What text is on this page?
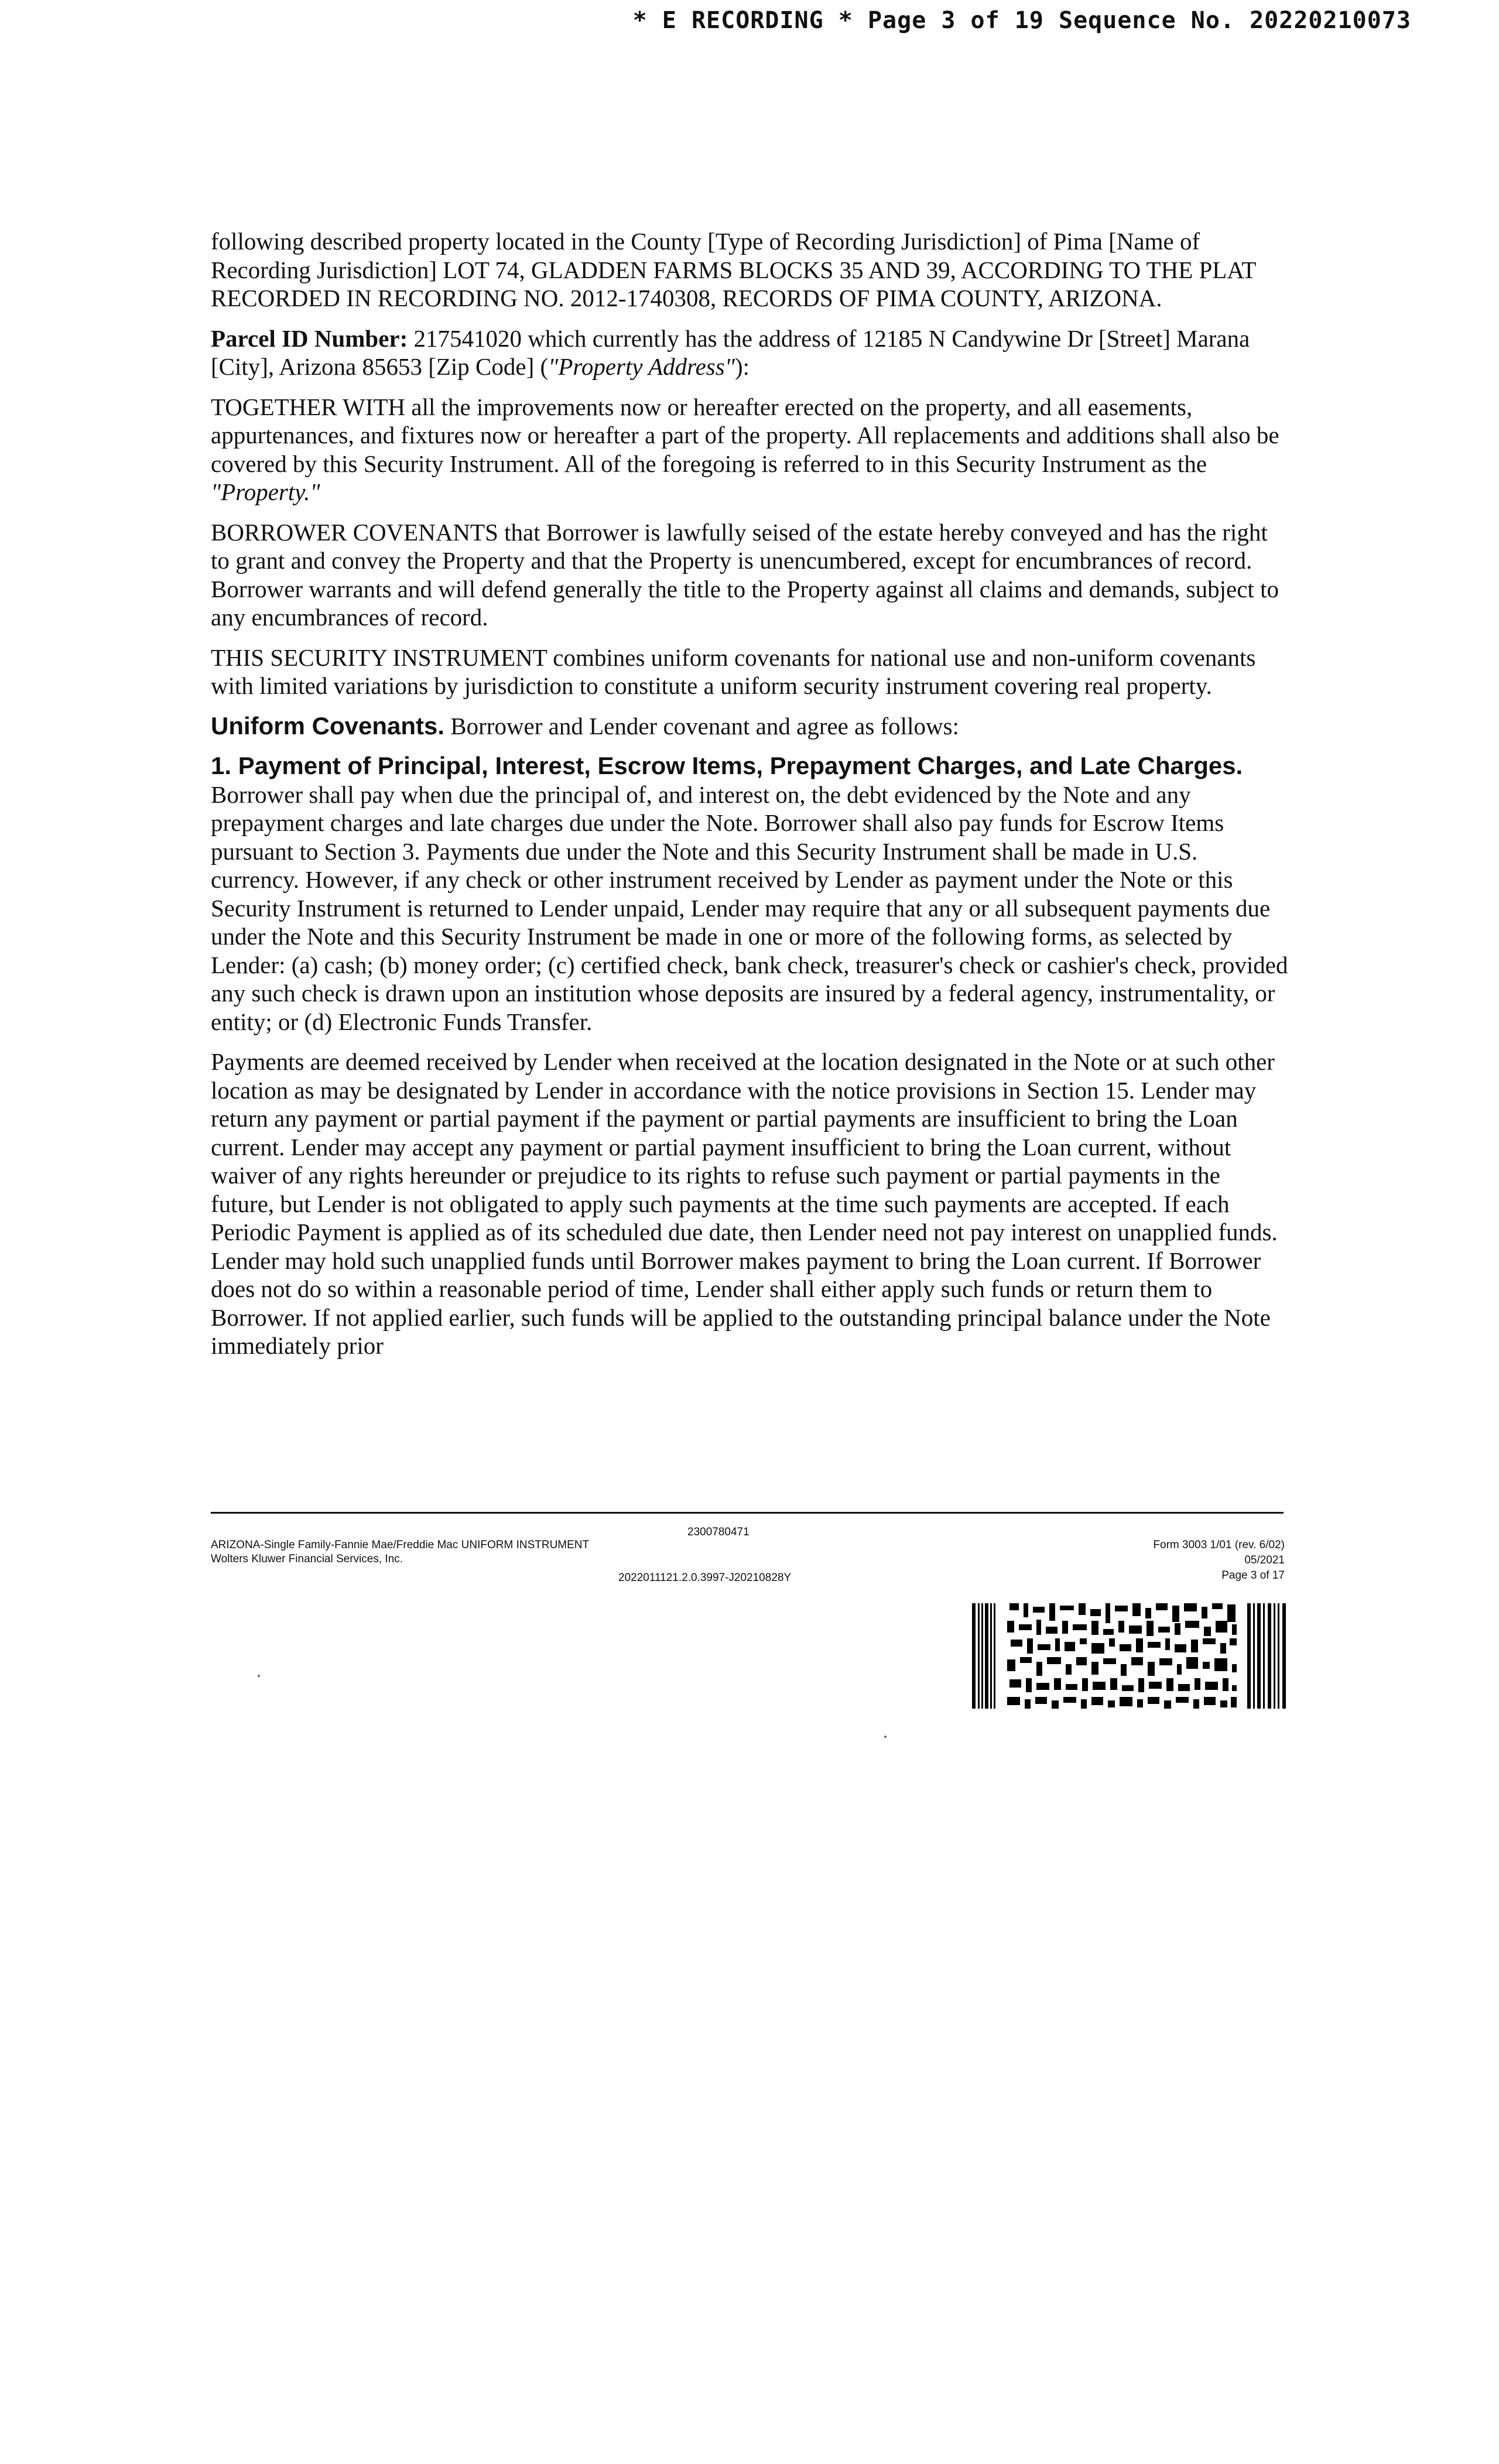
* E RECORDING * Page 3 of 19 Sequence No. 20220210073

following described property located in the County [Type of Recording Jurisdiction] of Pima [Name of Recording Jurisdiction] LOT 74, GLADDEN FARMS BLOCKS 35 AND 39, ACCORDING TO THE PLAT RECORDED IN RECORDING NO. 2012-1740308, RECORDS OF PIMA COUNTY, ARIZONA.

Parcel ID Number: 217541020 which currently has the address of 12185 N Candywine Dr [Street] Marana [City], Arizona 85653 [Zip Code] ("Property Address"):

TOGETHER WITH all the improvements now or hereafter erected on the property, and all easements, appurtenances, and fixtures now or hereafter a part of the property. All replacements and additions shall also be covered by this Security Instrument. All of the foregoing is referred to in this Security Instrument as the "Property."

BORROWER COVENANTS that Borrower is lawfully seised of the estate hereby conveyed and has the right to grant and convey the Property and that the Property is unencumbered, except for encumbrances of record. Borrower warrants and will defend generally the title to the Property against all claims and demands, subject to any encumbrances of record.

THIS SECURITY INSTRUMENT combines uniform covenants for national use and non-uniform covenants with limited variations by jurisdiction to constitute a uniform security instrument covering real property.

Uniform Covenants. Borrower and Lender covenant and agree as follows:

1. Payment of Principal, Interest, Escrow Items, Prepayment Charges, and Late Charges. Borrower shall pay when due the principal of, and interest on, the debt evidenced by the Note and any prepayment charges and late charges due under the Note. Borrower shall also pay funds for Escrow Items pursuant to Section 3. Payments due under the Note and this Security Instrument shall be made in U.S. currency. However, if any check or other instrument received by Lender as payment under the Note or this Security Instrument is returned to Lender unpaid, Lender may require that any or all subsequent payments due under the Note and this Security Instrument be made in one or more of the following forms, as selected by Lender: (a) cash; (b) money order; (c) certified check, bank check, treasurer's check or cashier's check, provided any such check is drawn upon an institution whose deposits are insured by a federal agency, instrumentality, or entity; or (d) Electronic Funds Transfer.

Payments are deemed received by Lender when received at the location designated in the Note or at such other location as may be designated by Lender in accordance with the notice provisions in Section 15. Lender may return any payment or partial payment if the payment or partial payments are insufficient to bring the Loan current. Lender may accept any payment or partial payment insufficient to bring the Loan current, without waiver of any rights hereunder or prejudice to its rights to refuse such payment or partial payments in the future, but Lender is not obligated to apply such payments at the time such payments are accepted. If each Periodic Payment is applied as of its scheduled due date, then Lender need not pay interest on unapplied funds. Lender may hold such unapplied funds until Borrower makes payment to bring the Loan current. If Borrower does not do so within a reasonable period of time, Lender shall either apply such funds or return them to Borrower. If not applied earlier, such funds will be applied to the outstanding principal balance under the Note immediately prior

2300780471
ARIZONA-Single Family-Fannie Mae/Freddie Mac UNIFORM INSTRUMENT
Wolters Kluwer Financial Services, Inc.
2022011121.2.0.3997-J20210828Y
Form 3003 1/01 (rev. 6/02)
05/2021
Page 3 of 17
